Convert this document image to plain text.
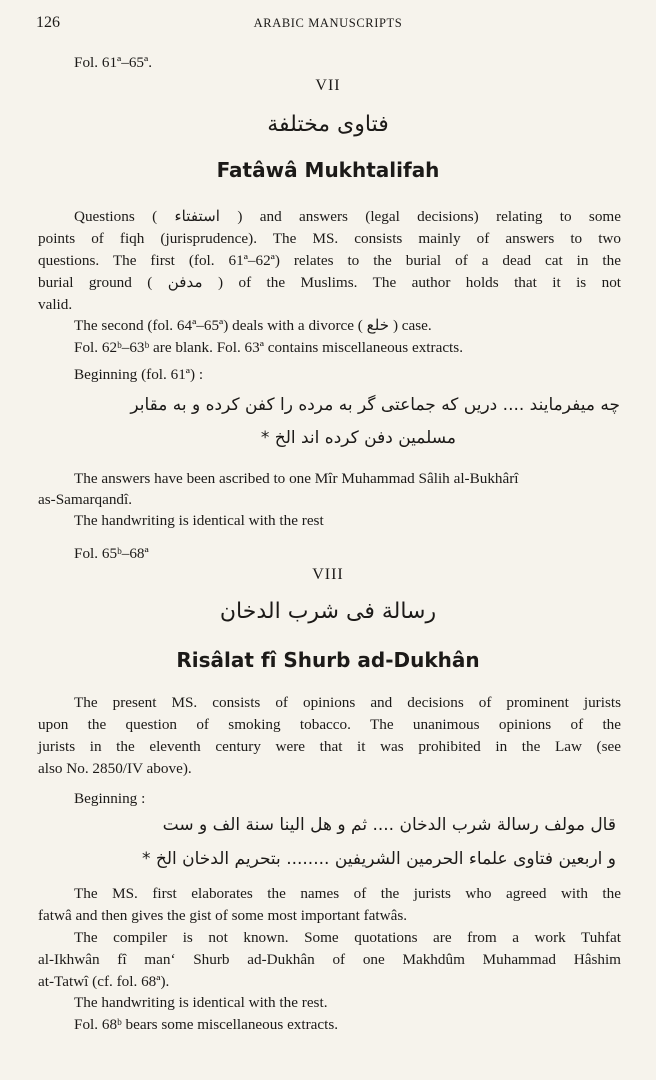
126	ARABIC MANUSCRIPTS
Fol. 61ª–65ª.
VII
فتاوی مختلفة
Fatâwâ Mukhtalifah
Questions ( استفتاء ) and answers (legal decisions) relating to some
points of fiqh (jurisprudence). The MS. consists mainly of answers to two
questions. The first (fol. 61ª–62ª) relates to the burial of a dead cat in the
burial ground ( مدفن ) of the Muslims. The author holds that it is not
valid.
The second (fol. 64ª–65ª) deals with a divorce ( خلع ) case.
Fol. 62ᵇ–63ᵇ are blank. Fol. 63ª contains miscellaneous extracts.
Beginning (fol. 61ª) :
چه میفرمایند .... دریں که جماعتی گر به مرده را کفن کرده و به مقابر
مسلمین دفن کرده اند الخ *
The answers have been ascribed to one Mîr Muhammad Sâlih al-Bukhârî
as-Samarqandî.
The handwriting is identical with the rest
Fol. 65ᵇ–68ª
VIII
رسالة فی شرب الدخان
Risâlat fî Shurb ad-Dukhân
The present MS. consists of opinions and decisions of prominent jurists
upon the question of smoking tobacco. The unanimous opinions of the
jurists in the eleventh century were that it was prohibited in the Law (see
also No. 2850/IV above).
Beginning :
قال مولف رسالة شرب الدخان .... ثم و هل الينا سنة الف و ست
و اربعين فتاوی علماء الحرمين الشريفين ........ بتحريم الدخان الخ *
The MS. first elaborates the names of the jurists who agreed with the
fatwâ and then gives the gist of some most important fatwâs.
The compiler is not known. Some quotations are from a work Tuhfat
al-Ikhwân fî man‘ Shurb ad-Dukhân of one Makhdûm Muhammad Hâshim
at-Tatwî (cf. fol. 68ª).
The handwriting is identical with the rest.
Fol. 68ᵇ bears some miscellaneous extracts.
